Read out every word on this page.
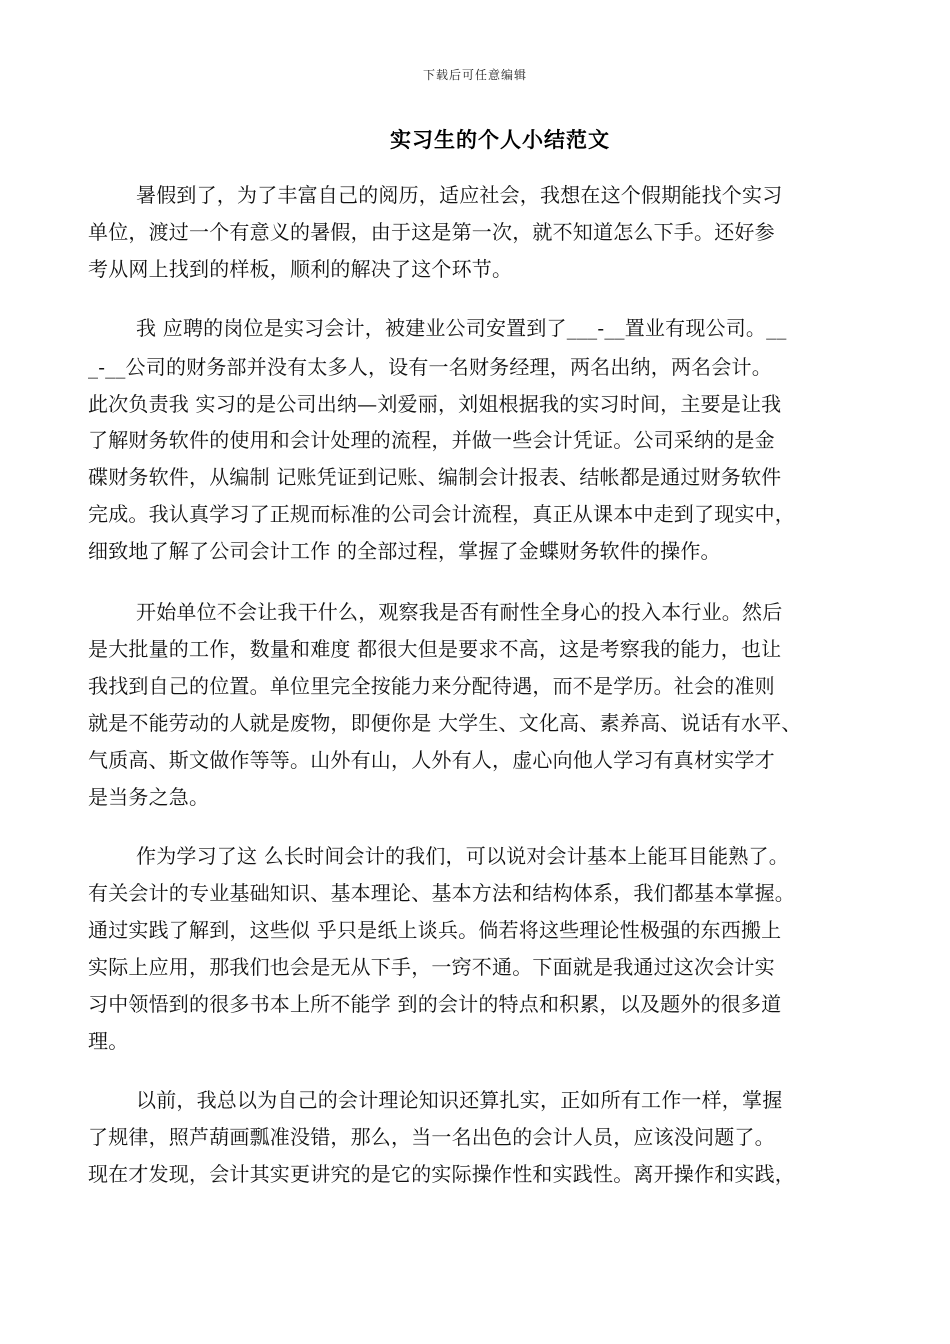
下载后可任意编辑
实习生的个人小结范文
暑假到了，为了丰富自己的阅历，适应社会，我想在这个假期能找个实习
单位，渡过一个有意义的暑假，由于这是第一次，就不知道怎么下手。还好参
考从网上找到的样板，顺利的解决了这个环节。
我 应聘的岗位是实习会计，被建业公司安置到了___-__置业有现公司。__
_-__公司的财务部并没有太多人，设有一名财务经理，两名出纳，两名会计。
此次负责我 实习的是公司出纳—刘爱丽，刘姐根据我的实习时间，主要是让我
了解财务软件的使用和会计处理的流程，并做一些会计凭证。公司采纳的是金
碟财务软件，从编制 记账凭证到记账、编制会计报表、结帐都是通过财务软件
完成。我认真学习了正规而标准的公司会计流程，真正从课本中走到了现实中，
细致地了解了公司会计工作 的全部过程，掌握了金蝶财务软件的操作。
开始单位不会让我干什么，观察我是否有耐性全身心的投入本行业。然后
是大批量的工作，数量和难度 都很大但是要求不高，这是考察我的能力，也让
我找到自己的位置。单位里完全按能力来分配待遇，而不是学历。社会的准则
就是不能劳动的人就是废物，即便你是 大学生、文化高、素养高、说话有水平、
气质高、斯文做作等等。山外有山，人外有人，虚心向他人学习有真材实学才
是当务之急。
作为学习了这 么长时间会计的我们，可以说对会计基本上能耳目能熟了。
有关会计的专业基础知识、基本理论、基本方法和结构体系，我们都基本掌握。
通过实践了解到，这些似 乎只是纸上谈兵。倘若将这些理论性极强的东西搬上
实际上应用，那我们也会是无从下手，一窍不通。下面就是我通过这次会计实
习中领悟到的很多书本上所不能学 到的会计的特点和积累，以及题外的很多道
理。
以前，我总以为自己的会计理论知识还算扎实，正如所有工作一样，掌握
了规律，照芦葫画瓢准没错，那么，当一名出色的会计人员，应该没问题了。
现在才发现，会计其实更讲究的是它的实际操作性和实践性。离开操作和实践，
